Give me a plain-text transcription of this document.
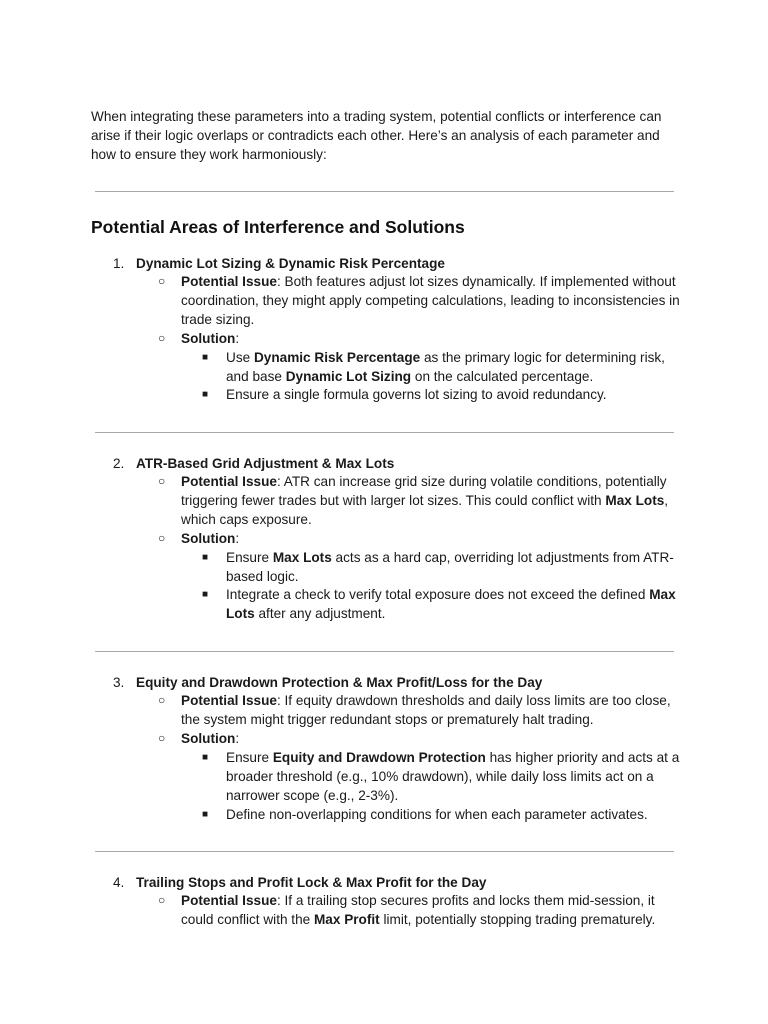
When integrating these parameters into a trading system, potential conflicts or interference can arise if their logic overlaps or contradicts each other. Here’s an analysis of each parameter and how to ensure they work harmoniously:

Potential Areas of Interference and Solutions
1. Dynamic Lot Sizing & Dynamic Risk Percentage
○	Potential Issue: Both features adjust lot sizes dynamically. If implemented without coordination, they might apply competing calculations, leading to inconsistencies in trade sizing.
○	Solution:
■	Use Dynamic Risk Percentage as the primary logic for determining risk, and base Dynamic Lot Sizing on the calculated percentage.
■	Ensure a single formula governs lot sizing to avoid redundancy.
2. ATR-Based Grid Adjustment & Max Lots
○	Potential Issue: ATR can increase grid size during volatile conditions, potentially triggering fewer trades but with larger lot sizes. This could conflict with Max Lots, which caps exposure.
○	Solution:
■	Ensure Max Lots acts as a hard cap, overriding lot adjustments from ATR-based logic.
■	Integrate a check to verify total exposure does not exceed the defined Max Lots after any adjustment.
3. Equity and Drawdown Protection & Max Profit/Loss for the Day
○	Potential Issue: If equity drawdown thresholds and daily loss limits are too close, the system might trigger redundant stops or prematurely halt trading.
○	Solution:
■	Ensure Equity and Drawdown Protection has higher priority and acts at a broader threshold (e.g., 10% drawdown), while daily loss limits act on a narrower scope (e.g., 2-3%).
■	Define non-overlapping conditions for when each parameter activates.
4. Trailing Stops and Profit Lock & Max Profit for the Day
○	Potential Issue: If a trailing stop secures profits and locks them mid-session, it could conflict with the Max Profit limit, potentially stopping trading prematurely.
